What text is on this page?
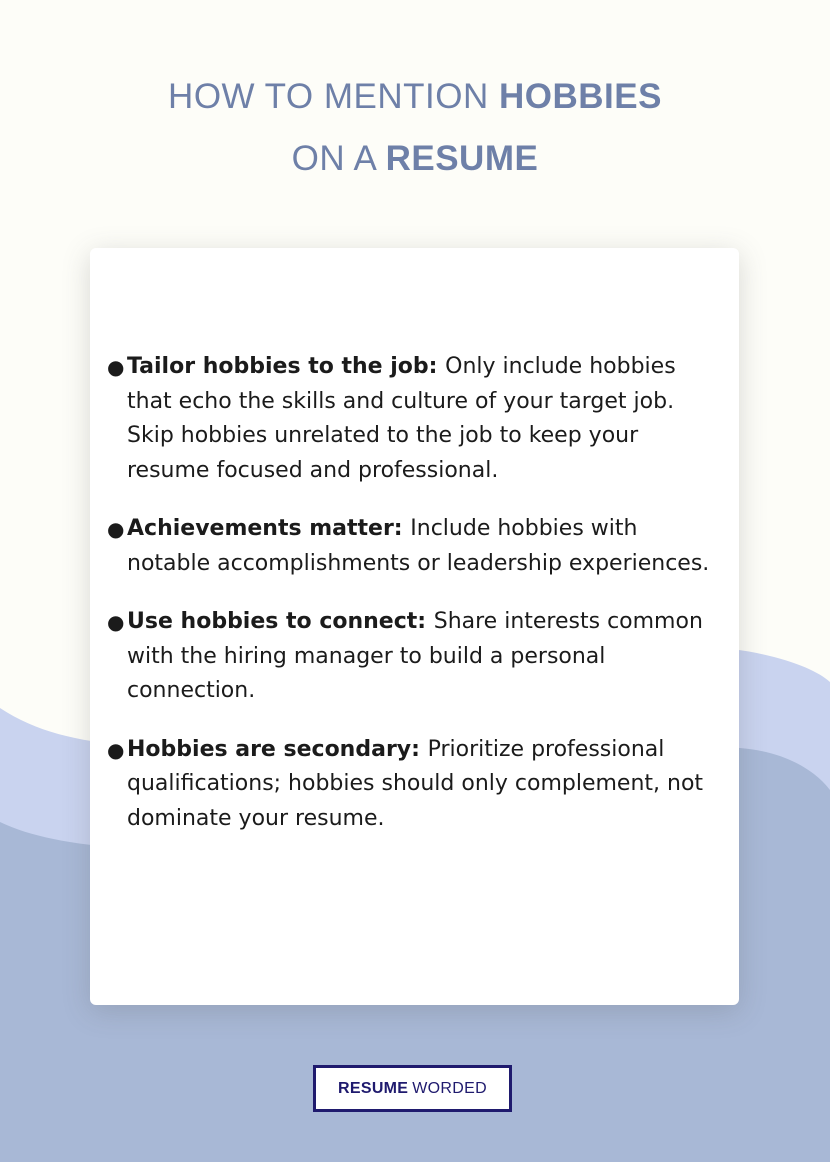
HOW TO MENTION HOBBIES
ON A RESUME
● Tailor hobbies to the job: Only include hobbies that echo the skills and culture of your target job. Skip hobbies unrelated to the job to keep your resume focused and professional.
● Achievements matter: Include hobbies with notable accomplishments or leadership experiences.
● Use hobbies to connect: Share interests common with the hiring manager to build a personal connection.
● Hobbies are secondary: Prioritize professional qualifications; hobbies should only complement, not dominate your resume.
RESUME WORDED
